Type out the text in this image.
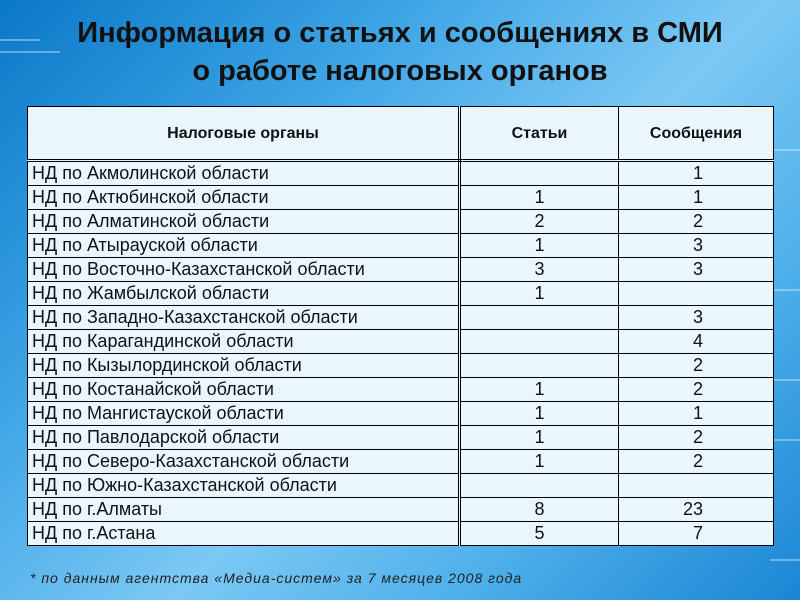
Информация о статьях и сообщениях в СМИ
о работе налоговых органов
Налоговые органы	Статьи	Сообщения
НД по Акмолинской области		1
НД по Актюбинской области	1	1
НД по Алматинской области	2	2
НД по Атырауской области	1	3
НД по Восточно-Казахстанской области	3	3
НД по Жамбылской области	1	
НД по Западно-Казахстанской области		3
НД по Карагандинской области		4
НД по Кызылординской области		2
НД по Костанайской области	1	2
НД по Мангистауской области	1	1
НД по Павлодарской области	1	2
НД по Северо-Казахстанской области	1	2
НД по Южно-Казахстанской области		
НД по г.Алматы	8	23
НД по г.Астана	5	7
* по данным агентства «Медиа-систем» за 7 месяцев 2008 года
